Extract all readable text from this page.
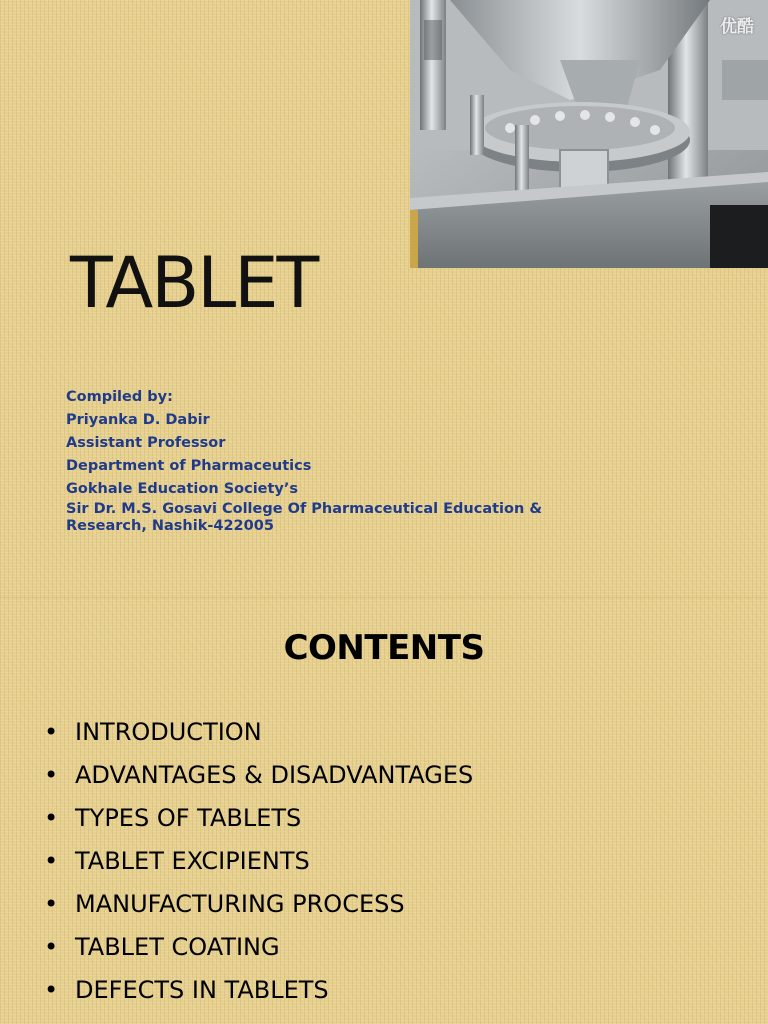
优酷
TABLET
Compiled by:
Priyanka D. Dabir
Assistant Professor
Department of Pharmaceutics
Gokhale Education Society’s
Sir Dr. M.S. Gosavi College Of Pharmaceutical Education &
Research, Nashik-422005
CONTENTS
• INTRODUCTION
• ADVANTAGES & DISADVANTAGES
• TYPES OF TABLETS
• TABLET EXCIPIENTS
• MANUFACTURING PROCESS
• TABLET COATING
• DEFECTS IN TABLETS
